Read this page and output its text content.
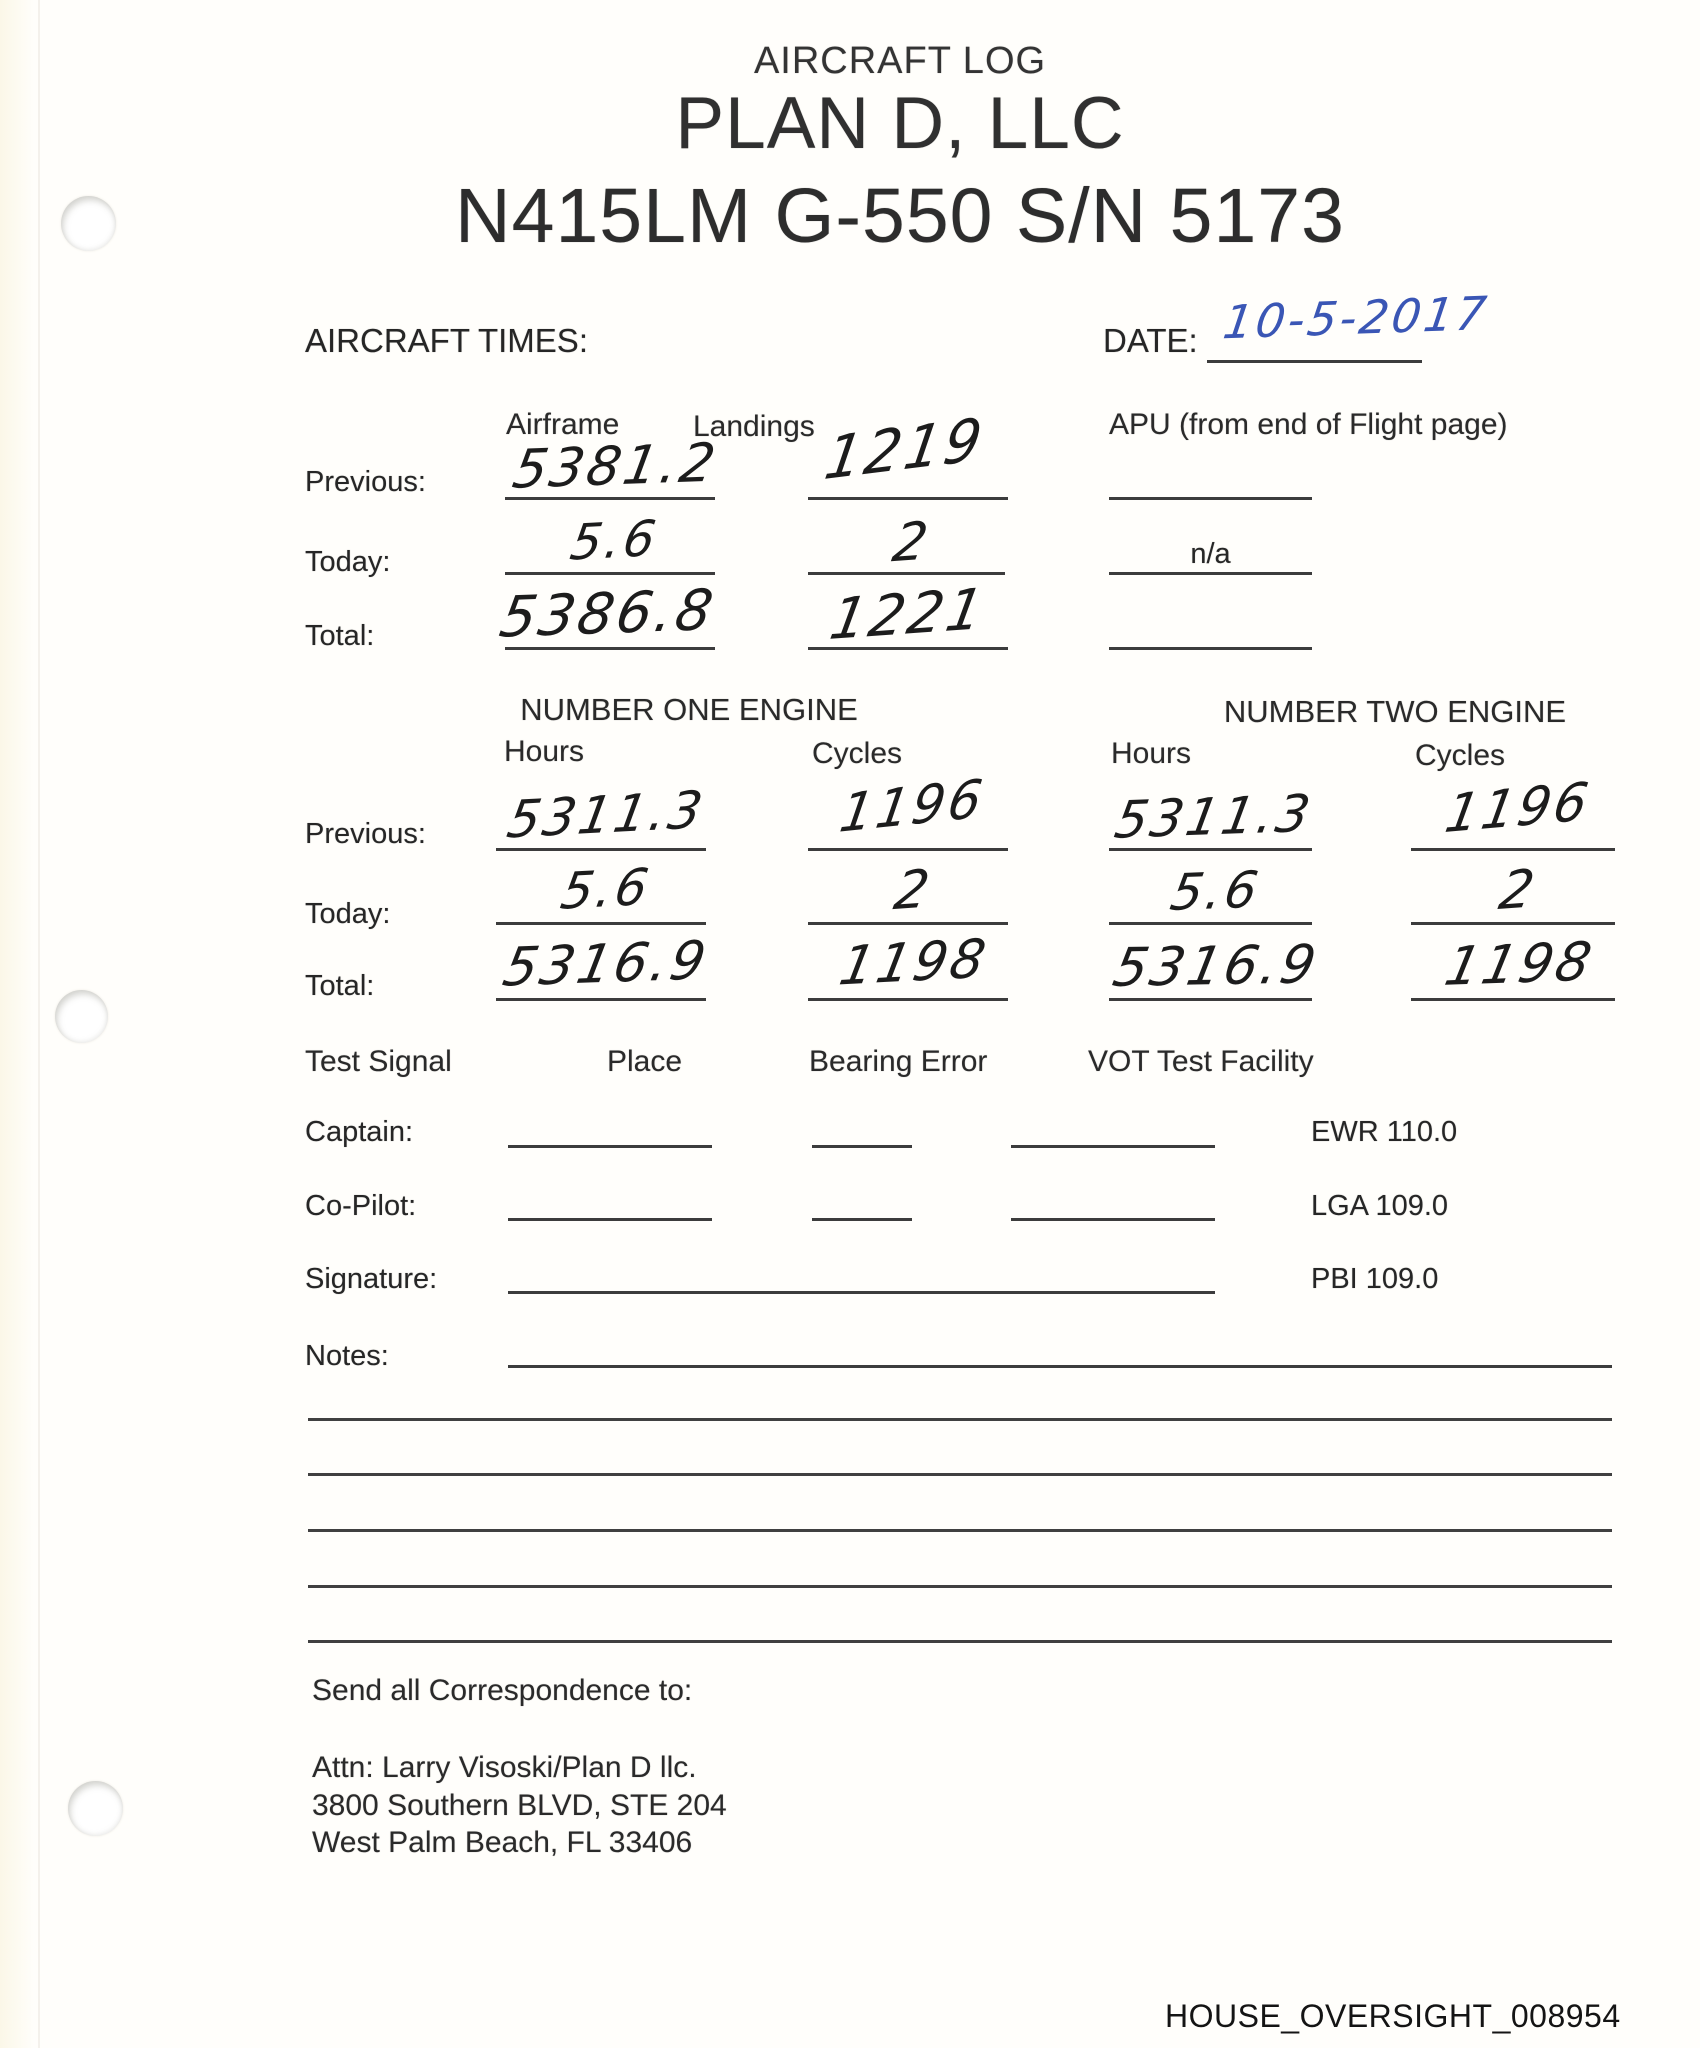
AIRCRAFT LOG
PLAN D, LLC
N415LM G-550 S/N 5173
AIRCRAFT TIMES:	DATE: 10-5-2017
Airframe Landings	APU (from end of Flight page)
Previous: 5381.2	1219
Today:	5.6	2	n/a
Total: 5386.8	1221
NUMBER ONE ENGINE	NUMBER TWO ENGINE
Hours	Cycles	Hours	Cycles
Previous: 5311.3	1196	5311.3	1196
Today:	5.6	2	5.6	2
Total: 5316.9	1198	5316.9	1198
Test Signal	Place	Bearing Error	VOT Test Facility
Captain:	EWR 110.0
Co-Pilot:	LGA 109.0
Signature:	PBI 109.0
Notes:
Send all Correspondence to:
Attn: Larry Visoski/Plan D llc.
3800 Southern BLVD, STE 204
West Palm Beach, FL 33406
HOUSE_OVERSIGHT_008954
